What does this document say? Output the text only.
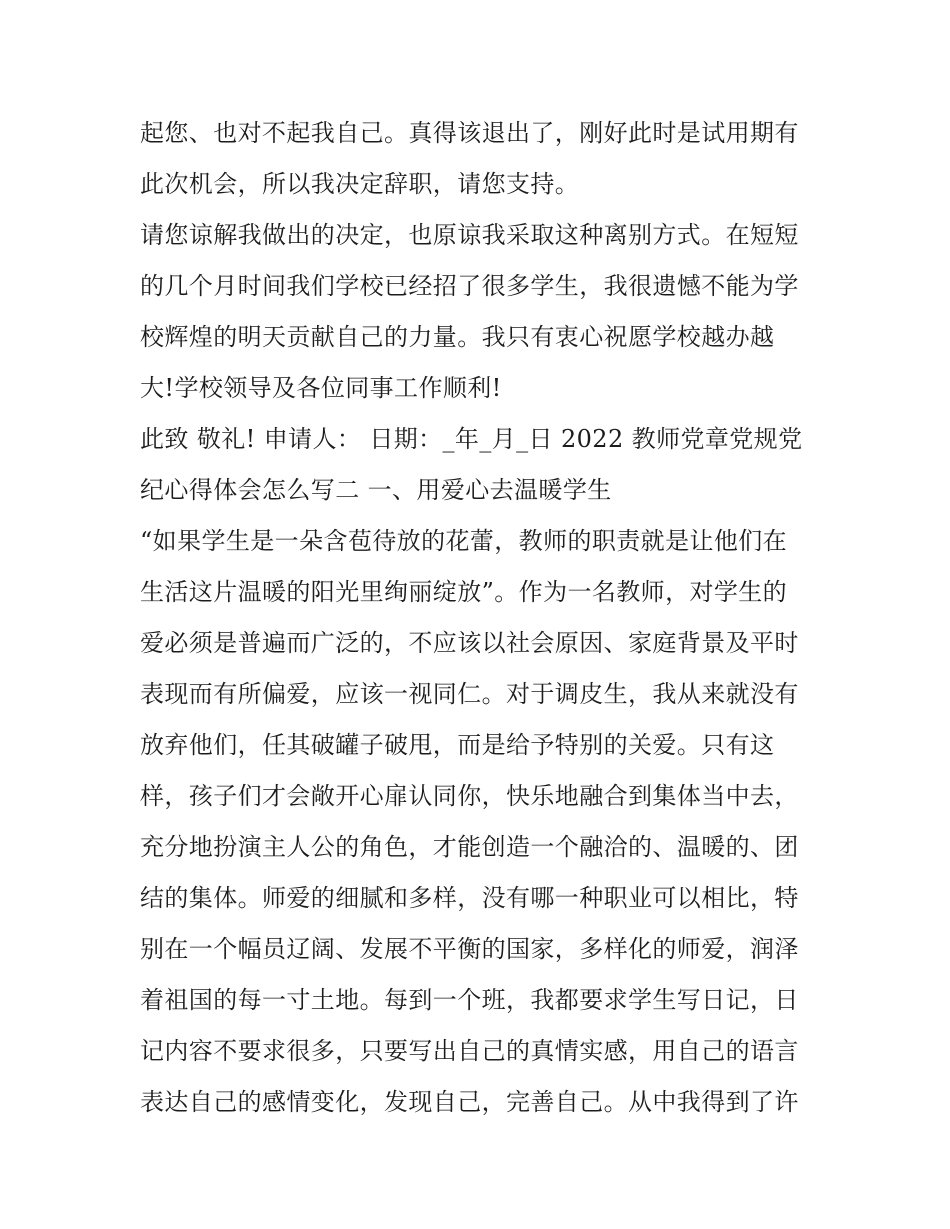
起您、也对不起我自己。真得该退出了，刚好此时是试用期有
此次机会，所以我决定辞职，请您支持。
请您谅解我做出的决定，也原谅我采取这种离别方式。在短短
的几个月时间我们学校已经招了很多学生，我很遗憾不能为学
校辉煌的明天贡献自己的力量。我只有衷心祝愿学校越办越
大!学校领导及各位同事工作顺利!
此致 敬礼! 申请人： 日期：_年_月_日 2022 教师党章党规党
纪心得体会怎么写二 一、用爱心去温暖学生
“如果学生是一朵含苞待放的花蕾，教师的职责就是让他们在
生活这片温暖的阳光里绚丽绽放”。作为一名教师，对学生的
爱必须是普遍而广泛的，不应该以社会原因、家庭背景及平时
表现而有所偏爱，应该一视同仁。对于调皮生，我从来就没有
放弃他们，任其破罐子破甩，而是给予特别的关爱。只有这
样，孩子们才会敞开心扉认同你，快乐地融合到集体当中去，
充分地扮演主人公的角色，才能创造一个融洽的、温暖的、团
结的集体。师爱的细腻和多样，没有哪一种职业可以相比，特
别在一个幅员辽阔、发展不平衡的国家，多样化的师爱，润泽
着祖国的每一寸土地。每到一个班，我都要求学生写日记，日
记内容不要求很多，只要写出自己的真情实感，用自己的语言
表达自己的感情变化，发现自己，完善自己。从中我得到了许
